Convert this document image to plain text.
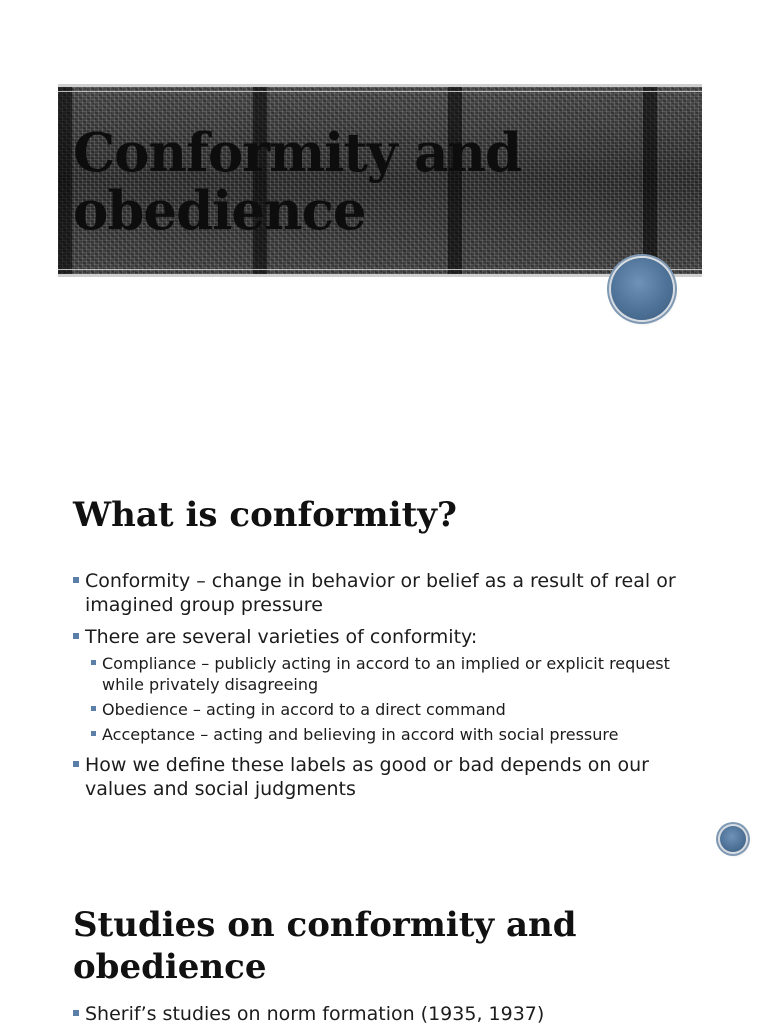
Conformity and obedience
What is conformity?
Conformity – change in behavior or belief as a result of real or imagined group pressure
There are several varieties of conformity:
Compliance – publicly acting in accord to an implied or explicit request while privately disagreeing
Obedience – acting in accord to a direct command
Acceptance – acting and believing in accord with social pressure
How we define these labels as good or bad depends on our values and social judgments
Studies on conformity and obedience
Sherif’s studies on norm formation (1935, 1937)
